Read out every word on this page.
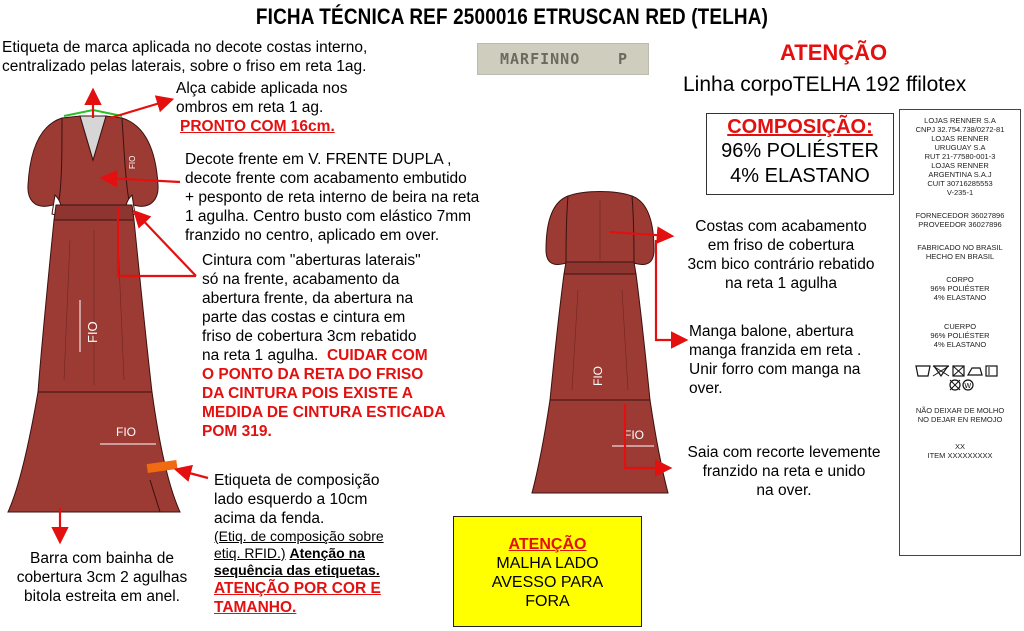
FICHA TÉCNICA REF 2500016 ETRUSCAN RED (TELHA)
Etiqueta de marca aplicada no decote costas interno,
centralizado pelas laterais, sobre o friso em reta 1ag.	MARFINNO	P
Alça cabide aplicada nos
ombros em reta 1 ag.
PRONTO COM 16cm.
Decote frente em V. FRENTE DUPLA ,
decote frente com acabamento embutido
+ pesponto de reta interno de beira na reta
1 agulha. Centro busto com elástico 7mm
franzido no centro, aplicado em over.
Cintura com "aberturas laterais"
só na frente, acabamento da
abertura frente, da abertura na
parte das costas e cintura em
friso de cobertura 3cm rebatido
na reta 1 agulha. CUIDAR COM
O PONTO DA RETA DO FRISO
DA CINTURA POIS EXISTE A
MEDIDA DE CINTURA ESTICADA
POM 319.
Etiqueta de composição
lado esquerdo a 10cm
acima da fenda.
(Etiq. de composição sobre
etiq. RFID.) Atenção na
sequência das etiquetas.
ATENÇÃO POR COR E
TAMANHO.
Barra com bainha de
cobertura 3cm 2 agulhas
bitola estreita em anel.
Costas com acabamento
em friso de cobertura
3cm bico contrário rebatido
na reta 1 agulha
Manga balone, abertura
manga franzida em reta .
Unir forro com manga na
over.
Saia com recorte levemente
franzido na reta e unido
na over.
ATENÇÃO
Linha corpoTELHA 192 ffilotex
COMPOSIÇÃO:
96% POLIÉSTER
4% ELASTANO
LOJAS RENNER S.A
CNPJ 32.754.738/0272-81
LOJAS RENNER
URUGUAY S.A
RUT 21-77580-001-3
LOJAS RENNER
ARGENTINA S.A.J
CUIT 30716285553
V-235-1
FORNECEDOR 36027896
PROVEEDOR 36027896
FABRICADO NO BRASIL
HECHO EN BRASIL
CORPO
96% POLIÉSTER
4% ELASTANO
CUERPO
96% POLIÉSTER
4% ELASTANO
W
NÃO DEIXAR DE MOLHO
NO DEJAR EN REMOJO
XX
ITEM XXXXXXXXX
ATENÇÃO
MALHA LADO
AVESSO PARA
FORA
FIO
FIO
FIO
FIO
FIO
